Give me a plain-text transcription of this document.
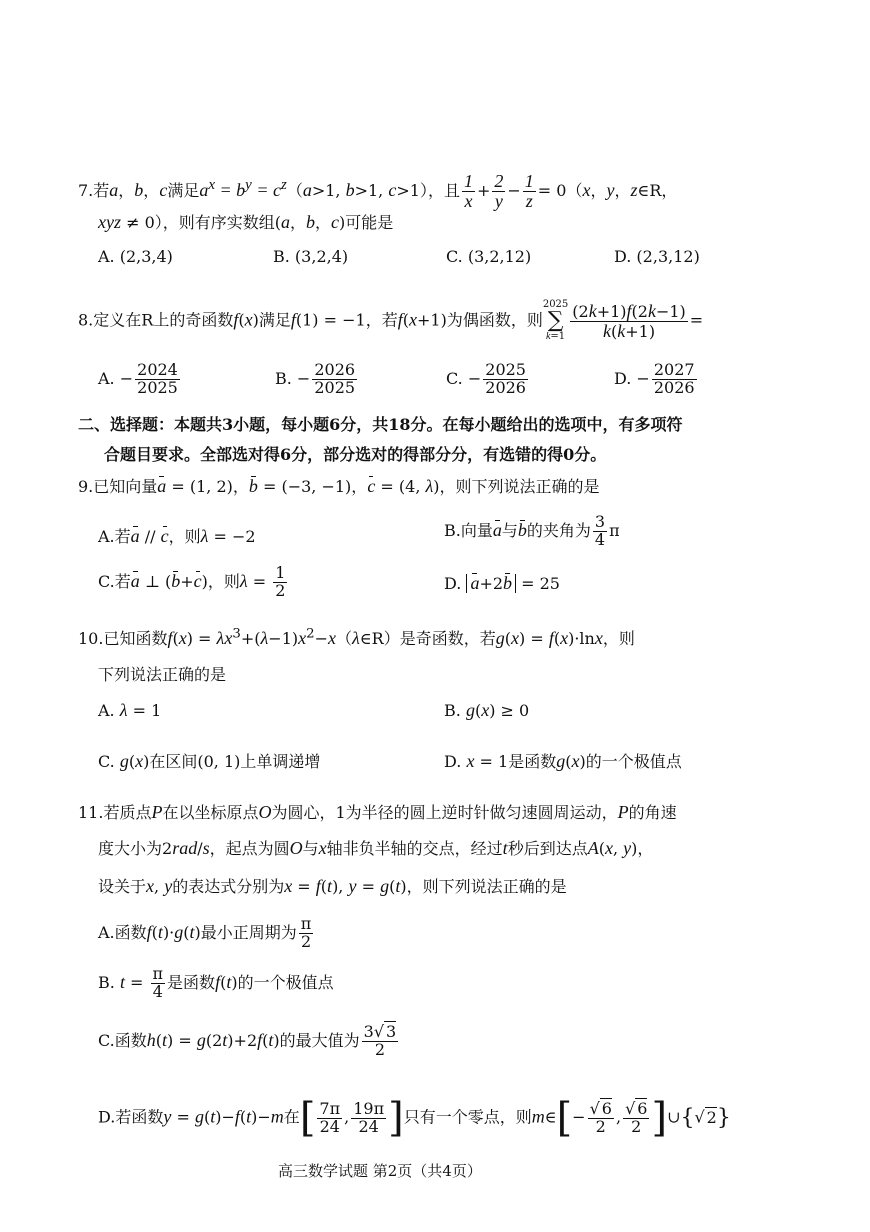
7.若a，b，c满足$a^x = b^y = c^z(a>1$, b>1, c>1），且 $\frac{1}{x} + \frac{2}{y} - \frac{1}{z} = 0(x$，y，z∈R，
xyz ≠ 0），则有序实数组(a，b，c)可能是
A. (2,3,4)	B. (3,2,4)	C. (3,2,12)	D. (2,3,12)
8.定义在R上的奇函数f(x)满足f(1) = −1，若f(x+1)为偶函数，则
2025
∑
$k=1 \frac{(2k+1)f(2k-1)}{k(k+1)}$ =
A. − $\frac{2024}{2025}$	B. − $\frac{2026}{2025}$	C. − $\frac{2025}{2026}$	D. − $\frac{2027}{2026}$
二、选择题：本题共3小题，每小题6分，共18分。在每小题给出的选项中，有多项符
合题目要求。全部选对得6分，部分选对的得部分分，有选错的得0分。
9.已知向量a = (1, 2)，b = (−3, −1)，c = (4, λ)，则下列说法正确的是
A.若a // c，则λ = −2	B.向量a与b的夹角为 $\frac{3}{4}$ π
C.若a ⊥ (b+c)，则$\lambda = \frac{1}{2}$	D. a+2b = 25
10.已知函数$f(x) = \lambda x^3+(\lambda-1)x^2-x(\lambda\in R)$是奇函数，若g(x) = f(x)·lnx，则
下列说法正确的是
A. λ = 1	B. g(x) ≥ 0
C. g(x)在区间(0, 1)上单调递增	D. x = 1是函数g(x)的一个极值点
11.若质点P在以坐标原点O为圆心，1为半径的圆上逆时针做匀速圆周运动，P的角速
度大小为2rad/s，起点为圆O与x轴非负半轴的交点，经过t秒后到达点A(x, y)，
设关于x, y的表达式分别为x = f(t), y = g(t)，则下列说法正确的是
A.函数f(t)·g(t)最小正周期为 $\frac{\pi}{2}$
B. $t = \frac{\pi}{4}$ 是函数f(t)的一个极值点
C.函数h(t) = g(2t)+2f(t)的最大值为 $\frac{3√ 3}{2}$
D.若函数y = g(t)−f(t)−m在[ $\frac{7\pi}{24}$ , $\frac{19\pi}{24}$ ]只有一个零点，则m∈[− $\frac{√ 6}{2}$ , $\frac{√ 6}{2}$ ]∪{√ 2}
高三数学试题 第2页（共4页）
